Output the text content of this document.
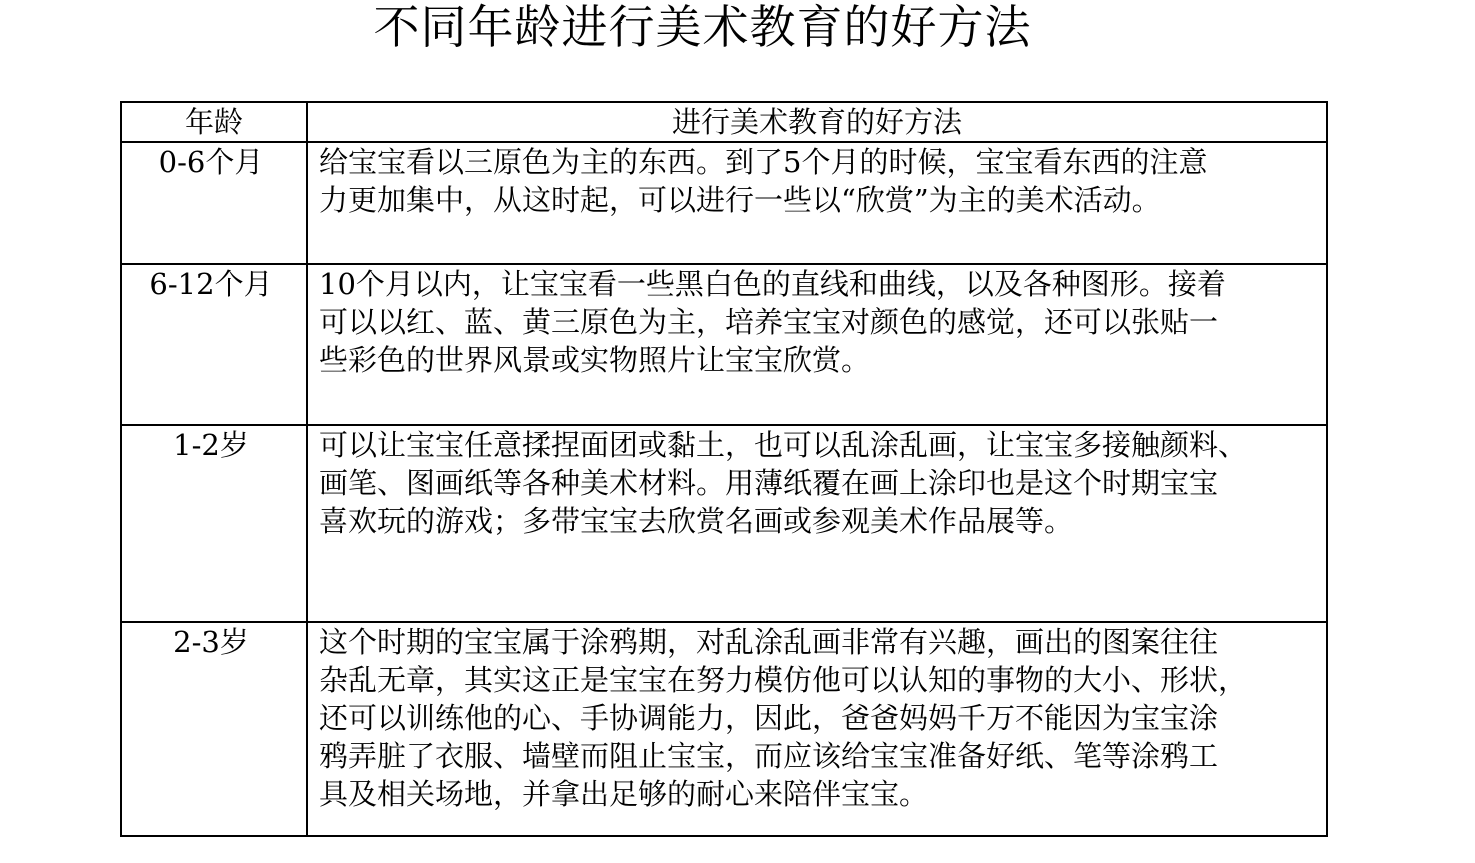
不同年龄进行美术教育的好方法
年龄	进行美术教育的好方法

0-6个月	给宝宝看以三原色为主的东西。到了5个月的时候，宝宝看东西的注意
力更加集中，从这时起，可以进行一些以“欣赏”为主的美术活动。

6-12个月	10个月以内，让宝宝看一些黑白色的直线和曲线，以及各种图形。接着
可以以红、蓝、黄三原色为主，培养宝宝对颜色的感觉，还可以张贴一
些彩色的世界风景或实物照片让宝宝欣赏。

1-2岁	可以让宝宝任意揉捏面团或黏土，也可以乱涂乱画，让宝宝多接触颜料、
画笔、图画纸等各种美术材料。用薄纸覆在画上涂印也是这个时期宝宝
喜欢玩的游戏；多带宝宝去欣赏名画或参观美术作品展等。

2-3岁	这个时期的宝宝属于涂鸦期，对乱涂乱画非常有兴趣，画出的图案往往
杂乱无章，其实这正是宝宝在努力模仿他可以认知的事物的大小、形状，
还可以训练他的心、手协调能力，因此，爸爸妈妈千万不能因为宝宝涂
鸦弄脏了衣服、墙壁而阻止宝宝，而应该给宝宝准备好纸、笔等涂鸦工
具及相关场地，并拿出足够的耐心来陪伴宝宝。
